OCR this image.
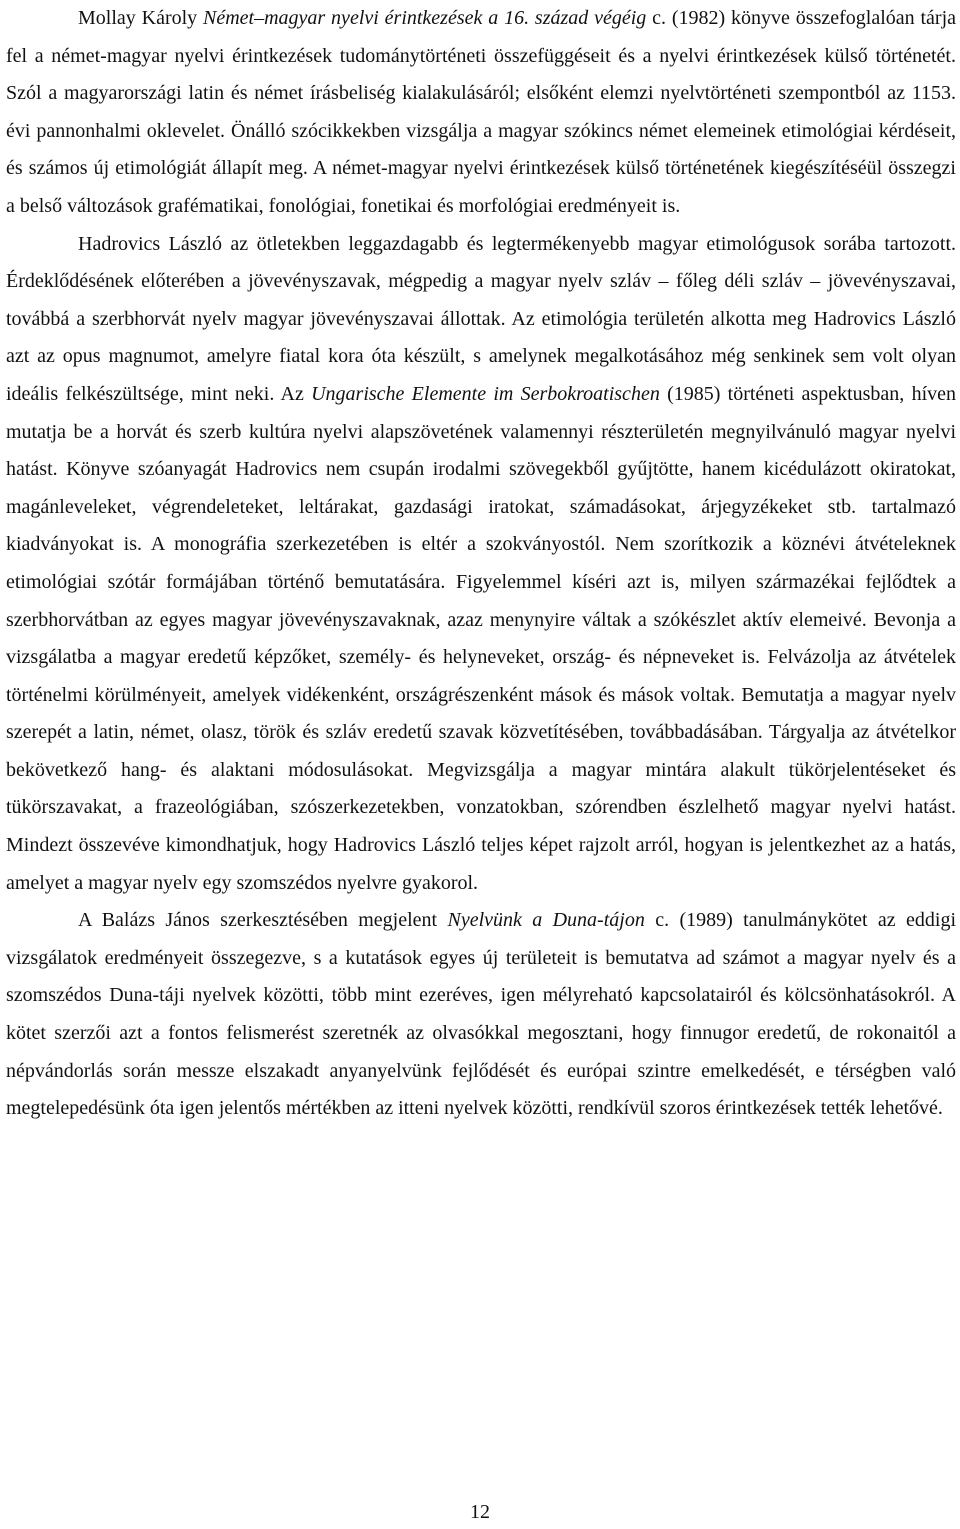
Mollay Károly Német–magyar nyelvi érintkezések a 16. század végéig c. (1982) könyve összefoglalóan tárja fel a német-magyar nyelvi érintkezések tudománytörténeti összefüggéseit és a nyelvi érintkezések külső történetét. Szól a magyarországi latin és német írásbeliség kialakulásáról; elsőként elemzi nyelvtörténeti szempontból az 1153. évi pannonhalmi oklevelet. Önálló szócikkekben vizsgálja a magyar szókincs német elemeinek etimológiai kérdéseit, és számos új etimológiát állapít meg. A német-magyar nyelvi érintkezések külső történetének kiegészítéséül összegzi a belső változások grafématikai, fonológiai, fonetikai és morfológiai eredményeit is.

Hadrovics László az ötletekben leggazdagabb és legtermékenyebb magyar etimológusok sorába tartozott. Érdeklődésének előterében a jövevényszavak, mégpedig a magyar nyelv szláv – főleg déli szláv – jövevényszavai, továbbá a szerbhorvát nyelv magyar jövevényszavai állottak. Az etimológia területén alkotta meg Hadrovics László azt az opus magnumot, amelyre fiatal kora óta készült, s amelynek megalkotásához még senkinek sem volt olyan ideális felkészültsége, mint neki. Az Ungarische Elemente im Serbokroatischen (1985) történeti aspektusban, híven mutatja be a horvát és szerb kultúra nyelvi alapszövetének valamennyi részterületén megnyilvánuló magyar nyelvi hatást. Könyve szóanyagát Hadrovics nem csupán irodalmi szövegekből gyűjtötte, hanem kicédulázott okiratokat, magánleveleket, végrendeleteket, leltárakat, gazdasági iratokat, számadásokat, árjegyzékeket stb. tartalmazó kiadványokat is. A monográfia szerkezetében is eltér a szokványostól. Nem szorítkozik a köznévi átvételeknek etimológiai szótár formájában történő bemutatására. Figyelemmel kíséri azt is, milyen származékai fejlődtek a szerbhorvátban az egyes magyar jövevényszavaknak, azaz menynyire váltak a szókészlet aktív elemeivé. Bevonja a vizsgálatba a magyar eredetű képzőket, személy- és helyneveket, ország- és népneveket is. Felvázolja az átvételek történelmi körülményeit, amelyek vidékenként, országrészenként mások és mások voltak. Bemutatja a magyar nyelv szerepét a latin, német, olasz, török és szláv eredetű szavak közvetítésében, továbbadásában. Tárgyalja az átvételkor bekövetkező hang- és alaktani módosulásokat. Megvizsgálja a magyar mintára alakult tükörjelentéseket és tükörszavakat, a frazeológiában, szószerkezetekben, vonzatokban, szórendben észlelhető magyar nyelvi hatást. Mindezt összevéve kimondhatjuk, hogy Hadrovics László teljes képet rajzolt arról, hogyan is jelentkezhet az a hatás, amelyet a magyar nyelv egy szomszédos nyelvre gyakorol.

A Balázs János szerkesztésében megjelent Nyelvünk a Duna-tájon c. (1989) tanulmánykötet az eddigi vizsgálatok eredményeit összegezve, s a kutatások egyes új területeit is bemutatva ad számot a magyar nyelv és a szomszédos Duna-táji nyelvek közötti, több mint ezeréves, igen mélyreható kapcsolatairól és kölcsönhatásokról. A kötet szerzői azt a fontos felismerést szeretnék az olvasókkal megosztani, hogy finnugor eredetű, de rokonaitól a népvándorlás során messze elszakadt anyanyelvünk fejlődését és európai szintre emelkedését, e térségben való megtelepedésünk óta igen jelentős mértékben az itteni nyelvek közötti, rendkívül szoros érintkezések tették lehetővé.

12
